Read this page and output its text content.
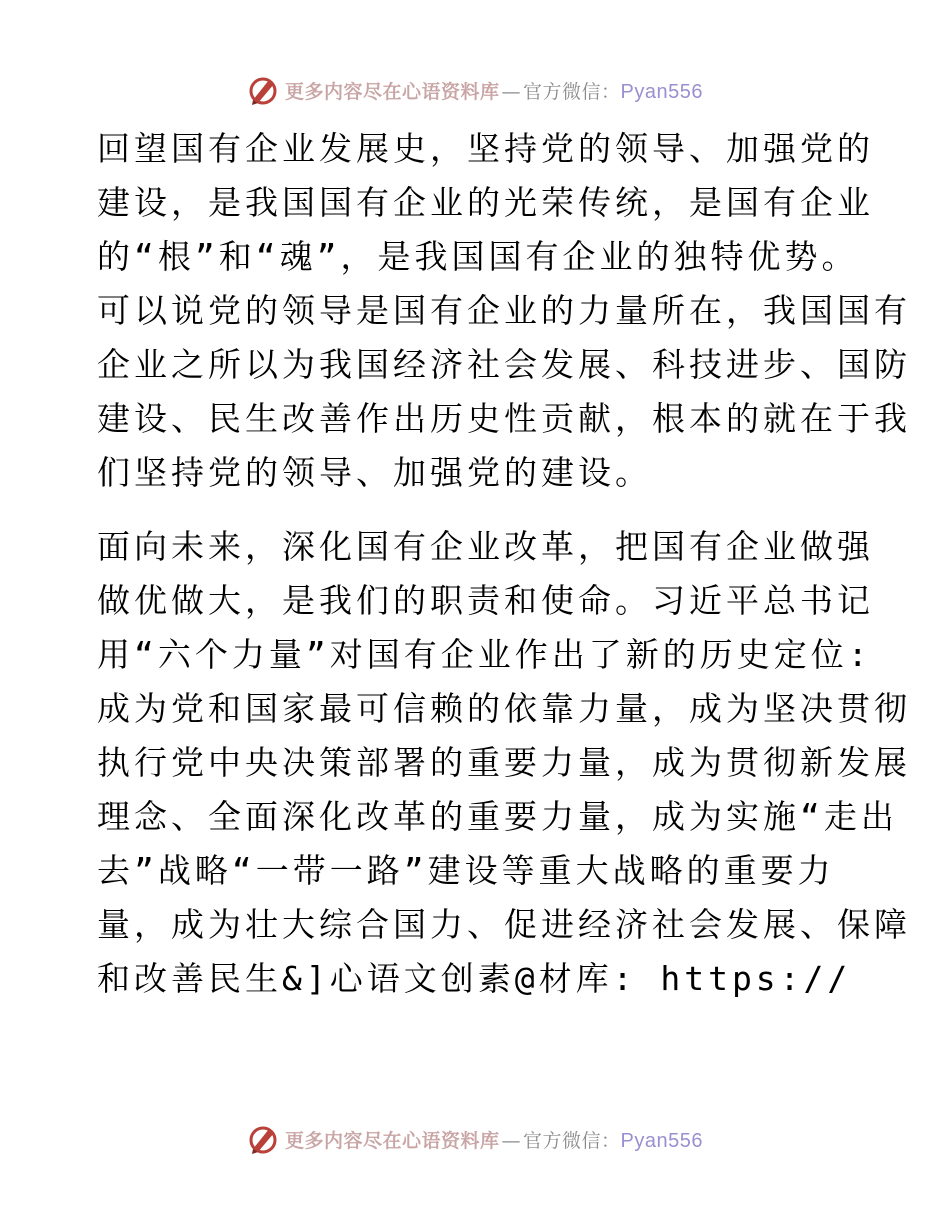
更多内容尽在心语资料库 — 官方微信：Pyan556

回望国有企业发展史，坚持党的领导、加强党的
建设，是我国国有企业的光荣传统，是国有企业
的“根”和“魂”，是我国国有企业的独特优势。
可以说党的领导是国有企业的力量所在，我国国有
企业之所以为我国经济社会发展、科技进步、国防
建设、民生改善作出历史性贡献，根本的就在于我
们坚持党的领导、加强党的建设。

面向未来，深化国有企业改革，把国有企业做强
做优做大，是我们的职责和使命。习近平总书记
用“六个力量”对国有企业作出了新的历史定位:
成为党和国家最可信赖的依靠力量，成为坚决贯彻
执行党中央决策部署的重要力量，成为贯彻新发展
理念、全面深化改革的重要力量，成为实施“走出
去”战略“一带一路”建设等重大战略的重要力
量，成为壮大综合国力、促进经济社会发展、保障
和改善民生&]心语文创素@材库: https://

更多内容尽在心语资料库 — 官方微信：Pyan556
